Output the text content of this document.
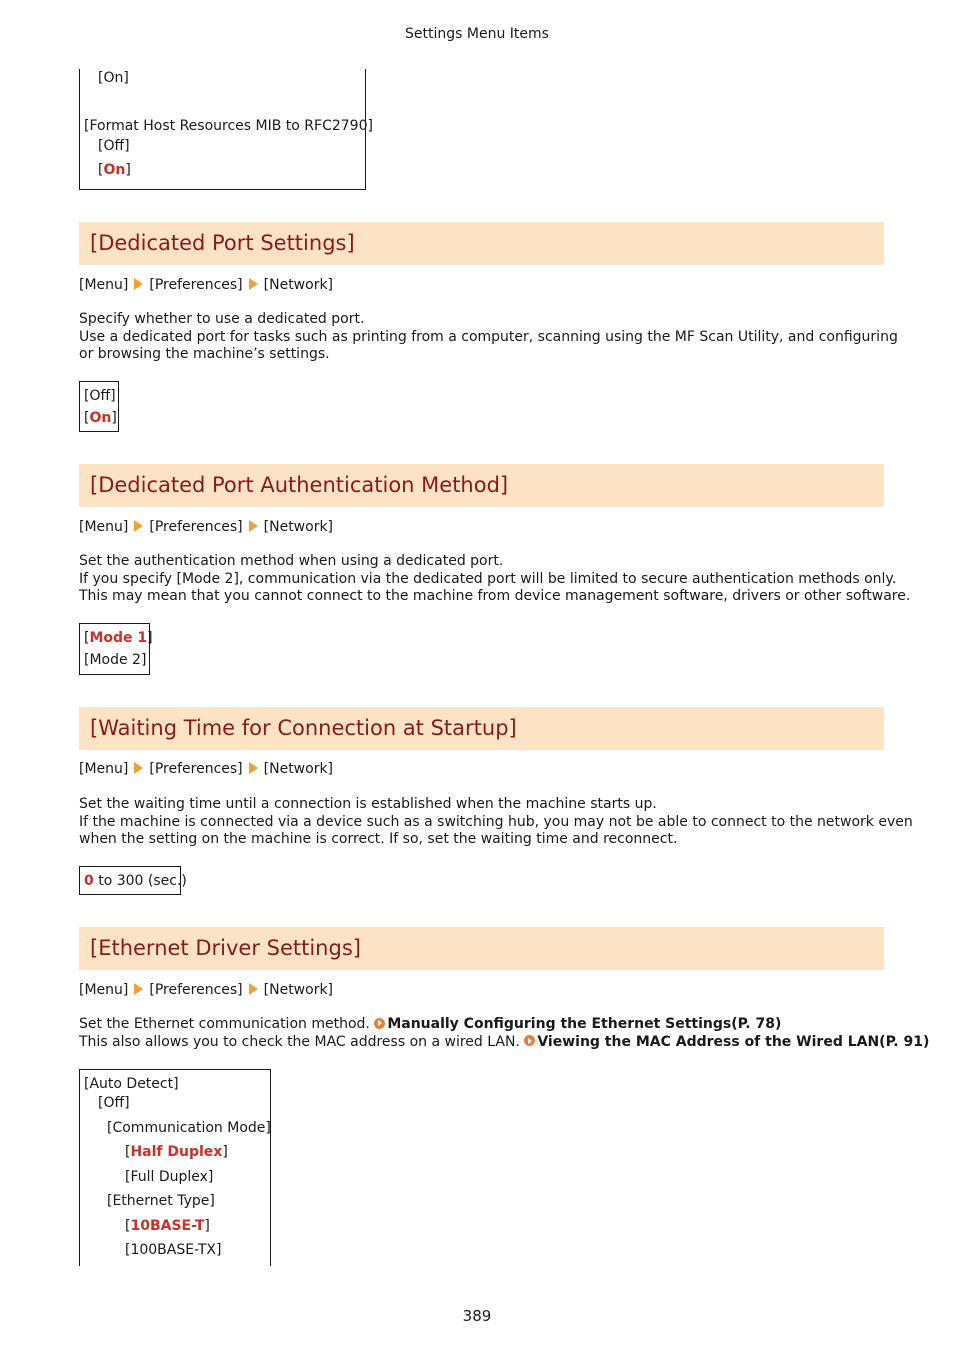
Settings Menu Items
[On]
[Format Host Resources MIB to RFC2790]
[Off]
[On]
[Dedicated Port Settings]
[Menu] [Preferences] [Network]

Specify whether to use a dedicated port.

Use a dedicated port for tasks such as printing from a computer, scanning using the MF Scan Utility, and configuring

or browsing the machine’s settings.

[Off]
[On]
[Dedicated Port Authentication Method]
[Menu] [Preferences] [Network]

Set the authentication method when using a dedicated port.

If you specify [Mode 2], communication via the dedicated port will be limited to secure authentication methods only.

This may mean that you cannot connect to the machine from device management software, drivers or other software.

[Mode 1]
[Mode 2]
[Waiting Time for Connection at Startup]
[Menu] [Preferences] [Network]

Set the waiting time until a connection is established when the machine starts up.

If the machine is connected via a device such as a switching hub, you may not be able to connect to the network even

when the setting on the machine is correct. If so, set the waiting time and reconnect.

0 to 300 (sec.)
[Ethernet Driver Settings]
[Menu] [Preferences] [Network]

Set the Ethernet communication method. Manually Configuring the Ethernet Settings(P. 78)

This also allows you to check the MAC address on a wired LAN. Viewing the MAC Address of the Wired LAN(P. 91)

[Auto Detect]
[Off]
[Communication Mode]
[Half Duplex]
[Full Duplex]
[Ethernet Type]
[10BASE-T]
[100BASE-TX]
389
